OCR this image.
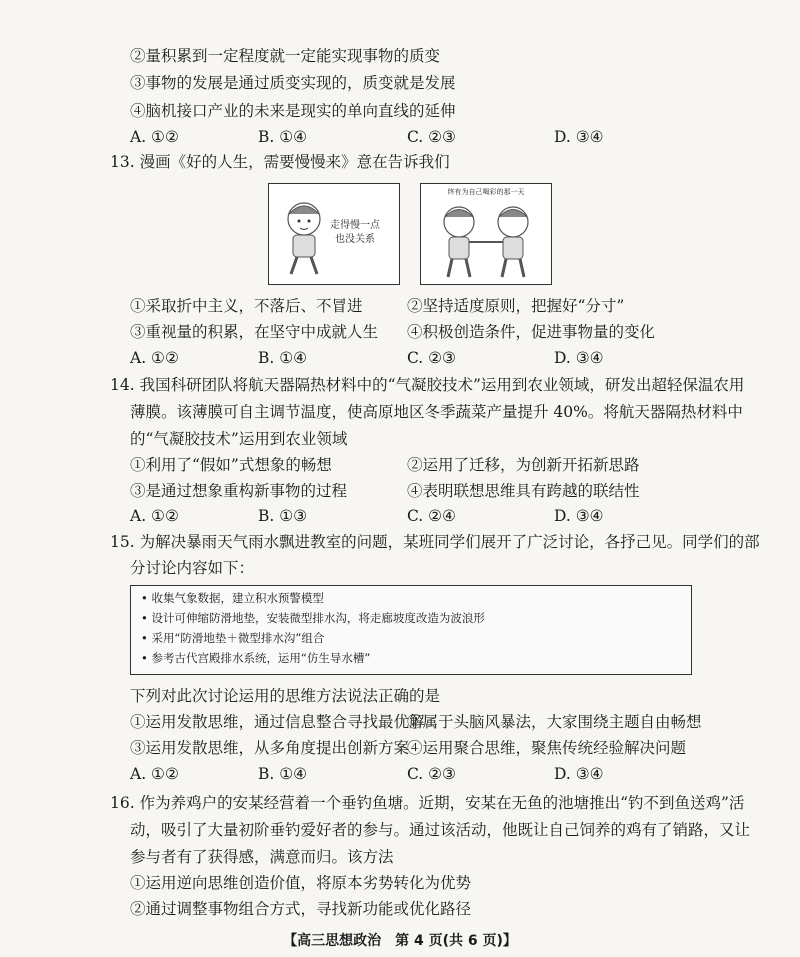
②量积累到一定程度就一定能实现事物的质变
③事物的发展是通过质变实现的，质变就是发展
④脑机接口产业的未来是现实的单向直线的延伸
A. ①②	B. ①④	C. ②③	D. ③④
13. 漫画《好的人生，需要慢慢来》意在告诉我们
走得慢一点
也没关系
终有为自己喝彩的那一天
①采取折中主义，不落后、不冒进	②坚持适度原则，把握好“分寸”
③重视量的积累，在坚守中成就人生 ④积极创造条件，促进事物量的变化
A. ①②	B. ①④	C. ②③	D. ③④
14. 我国科研团队将航天器隔热材料中的“气凝胶技术”运用到农业领域，研发出超轻保温农用
薄膜。该薄膜可自主调节温度，使高原地区冬季蔬菜产量提升 40%。将航天器隔热材料中
的“气凝胶技术”运用到农业领域
①利用了“假如”式想象的畅想	②运用了迁移，为创新开拓新思路
③是通过想象重构新事物的过程	④表明联想思维具有跨越的联结性
A. ①②	B. ①③	C. ②④	D. ③④
15. 为解决暴雨天气雨水飘进教室的问题，某班同学们展开了广泛讨论，各抒己见。同学们的部
分讨论内容如下：
• 收集气象数据，建立积水预警模型
• 设计可伸缩防滑地垫，安装微型排水沟，将走廊坡度改造为波浪形
• 采用“防滑地垫＋微型排水沟”组合
• 参考古代宫殿排水系统，运用“仿生导水槽”
下列对此次讨论运用的思维方法说法正确的是
①运用发散思维，通过信息整合寻找最优解
②属于头脑风暴法，大家围绕主题自由畅想
③运用发散思维，从多角度提出创新方案
④运用聚合思维，聚焦传统经验解决问题
A. ①②	B. ①④	C. ②③	D. ③④
16. 作为养鸡户的安某经营着一个垂钓鱼塘。近期，安某在无鱼的池塘推出“钓不到鱼送鸡”活
动，吸引了大量初阶垂钓爱好者的参与。通过该活动，他既让自己饲养的鸡有了销路，又让
参与者有了获得感，满意而归。该方法
①运用逆向思维创造价值，将原本劣势转化为优势
②通过调整事物组合方式，寻找新功能或优化路径
【高三思想政治　第 4 页(共 6 页)】
